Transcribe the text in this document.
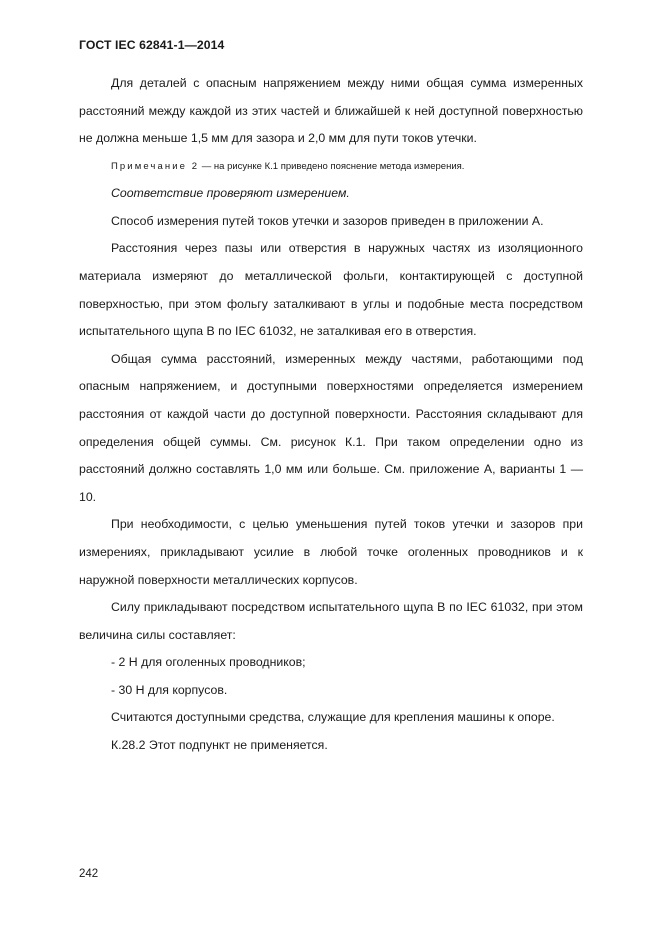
ГОСТ IEC 62841-1—2014

Для деталей с опасным напряжением между ними общая сумма измеренных расстояний между каждой из этих частей и ближайшей к ней доступной поверхностью не должна меньше 1,5 мм для зазора и 2,0 мм для пути токов утечки.

Примечание 2 — на рисунке К.1 приведено пояснение метода измерения.

Соответствие проверяют измерением.

Способ измерения путей токов утечки и зазоров приведен в приложении А.

Расстояния через пазы или отверстия в наружных частях из изоляционного материала измеряют до металлической фольги, контактирующей с доступной поверхностью, при этом фольгу заталкивают в углы и подобные места посредством испытательного щупа В по IEC 61032, не заталкивая его в отверстия.

Общая сумма расстояний, измеренных между частями, работающими под опасным напряжением, и доступными поверхностями определяется измерением расстояния от каждой части до доступной поверхности. Расстояния складывают для определения общей суммы. См. рисунок К.1. При таком определении одно из расстояний должно составлять 1,0 мм или больше. См. приложение А, варианты 1 — 10.

При необходимости, с целью уменьшения путей токов утечки и зазоров при измерениях, прикладывают усилие в любой точке оголенных проводников и к наружной поверхности металлических корпусов.

Силу прикладывают посредством испытательного щупа В по IEC 61032, при этом величина силы составляет:

- 2 Н для оголенных проводников;

- 30 Н для корпусов.

Считаются доступными средства, служащие для крепления машины к опоре.

К.28.2 Этот подпункт не применяется.

242
